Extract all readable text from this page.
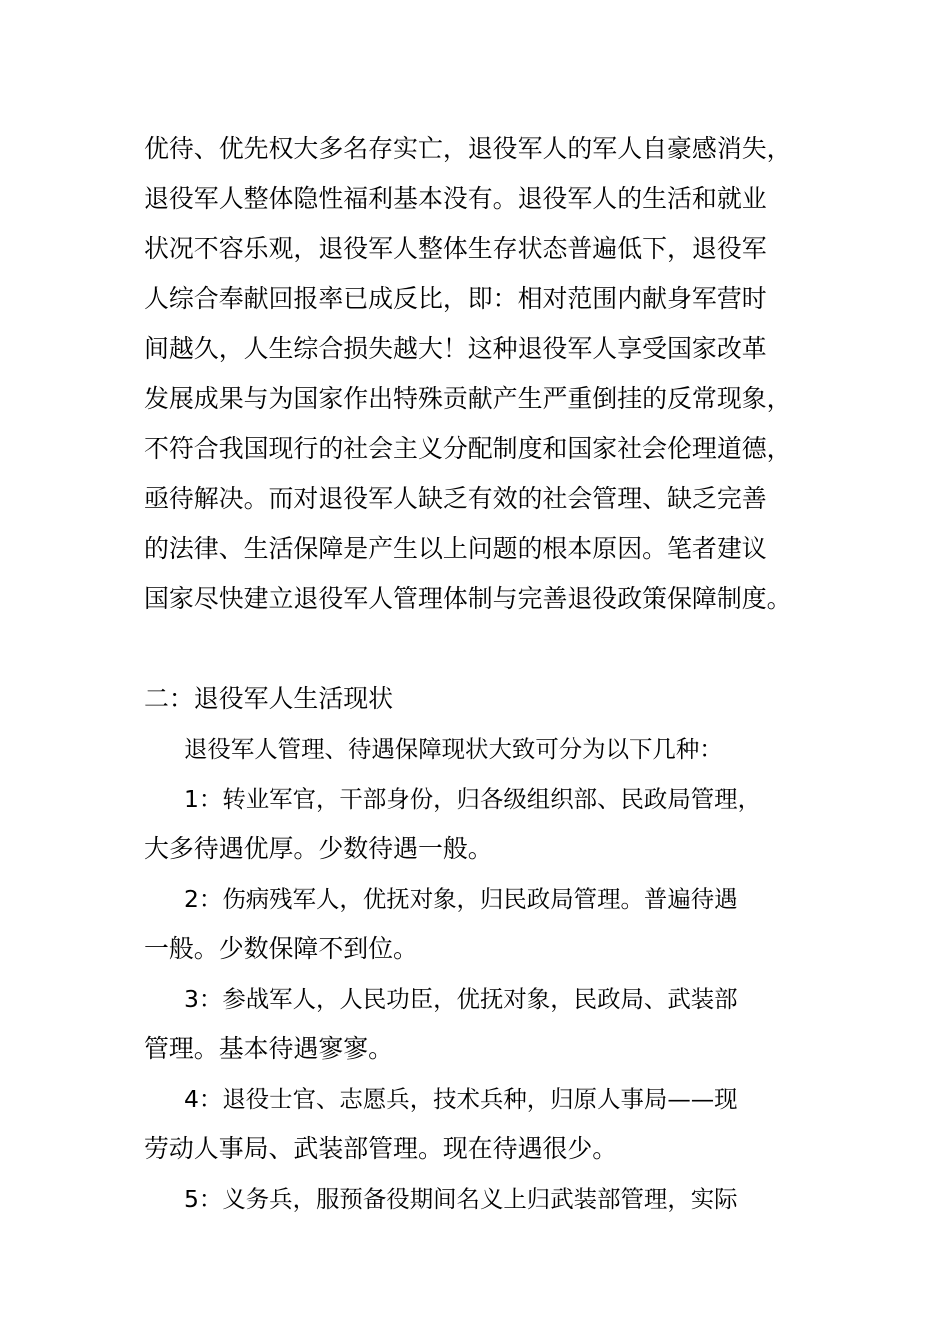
优待、优先权大多名存实亡，退役军人的军人自豪感消失，
退役军人整体隐性福利基本没有。退役军人的生活和就业
状况不容乐观，退役军人整体生存状态普遍低下，退役军
人综合奉献回报率已成反比，即：相对范围内献身军营时
间越久，人生综合损失越大！这种退役军人享受国家改革
发展成果与为国家作出特殊贡献产生严重倒挂的反常现象，
不符合我国现行的社会主义分配制度和国家社会伦理道德，
亟待解决。而对退役军人缺乏有效的社会管理、缺乏完善
的法律、生活保障是产生以上问题的根本原因。笔者建议
国家尽快建立退役军人管理体制与完善退役政策保障制度。
二：退役军人生活现状
退役军人管理、待遇保障现状大致可分为以下几种：
1：转业军官，干部身份，归各级组织部、民政局管理，
大多待遇优厚。少数待遇一般。
2：伤病残军人，优抚对象，归民政局管理。普遍待遇
一般。少数保障不到位。
3：参战军人，人民功臣，优抚对象，民政局、武装部
管理。基本待遇寥寥。
4：退役士官、志愿兵，技术兵种，归原人事局——现
劳动人事局、武装部管理。现在待遇很少。
5：义务兵，服预备役期间名义上归武装部管理，实际
